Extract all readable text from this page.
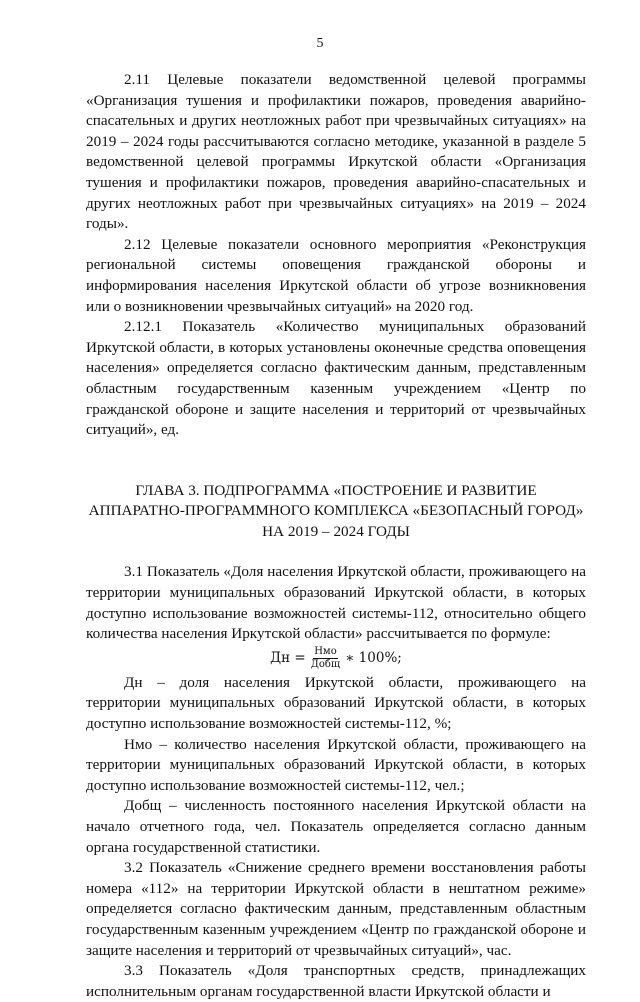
5

2.11 Целевые показатели ведомственной целевой программы «Организация тушения и профилактики пожаров, проведения аварийно-спасательных и других неотложных работ при чрезвычайных ситуациях» на 2019 – 2024 годы рассчитываются согласно методике, указанной в разделе 5 ведомственной целевой программы Иркутской области «Организация тушения и профилактики пожаров, проведения аварийно-спасательных и других неотложных работ при чрезвычайных ситуациях» на 2019 – 2024 годы».

2.12 Целевые показатели основного мероприятия «Реконструкция региональной системы оповещения гражданской обороны и информирования населения Иркутской области об угрозе возникновения или о возникновении чрезвычайных ситуаций» на 2020 год.

2.12.1 Показатель «Количество муниципальных образований Иркутской области, в которых установлены оконечные средства оповещения населения» определяется согласно фактическим данным, представленным областным государственным казенным учреждением «Центр по гражданской обороне и защите населения и территорий от чрезвычайных ситуаций», ед.

ГЛАВА 3. ПОДПРОГРАММА «ПОСТРОЕНИЕ И РАЗВИТИЕ
АППАРАТНО-ПРОГРАММНОГО КОМПЛЕКСА «БЕЗОПАСНЫЙ ГОРОД»
НА 2019 – 2024 ГОДЫ

3.1 Показатель «Доля населения Иркутской области, проживающего на территории муниципальных образований Иркутской области, в которых доступно использование возможностей системы-112, относительно общего количества населения Иркутской области» рассчитывается по формуле:

Дн = $\frac{\text{Нмо}}{\text{Добщ}}$ ∗ 100%;

Дн – доля населения Иркутской области, проживающего на территории муниципальных образований Иркутской области, в которых доступно использование возможностей системы-112, %;

Нмо – количество населения Иркутской области, проживающего на территории муниципальных образований Иркутской области, в которых доступно использование возможностей системы-112, чел.;

Добщ – численность постоянного населения Иркутской области на начало отчетного года, чел. Показатель определяется согласно данным органа государственной статистики.

3.2 Показатель «Снижение среднего времени восстановления работы номера «112» на территории Иркутской области в нештатном режиме» определяется согласно фактическим данным, представленным областным государственным казенным учреждением «Центр по гражданской обороне и защите населения и территорий от чрезвычайных ситуаций», час.

3.3 Показатель «Доля транспортных средств, принадлежащих исполнительным органам государственной власти Иркутской области и
